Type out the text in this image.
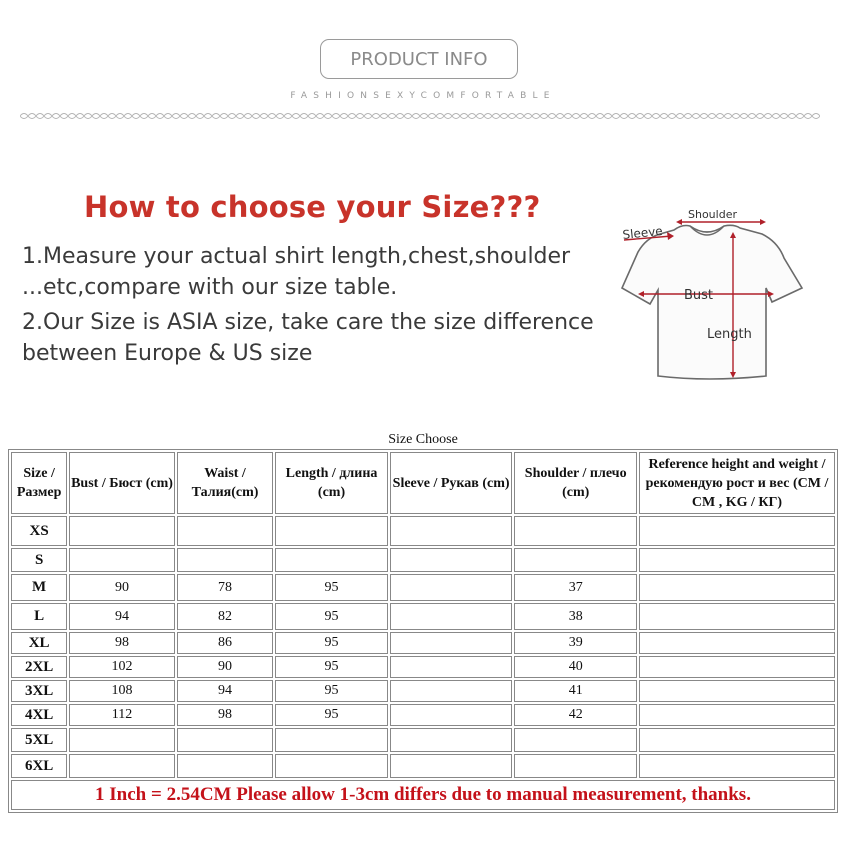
PRODUCT INFO
FASHIONSEXYCOMFORTABLE
How to choose your Size???
1.Measure your actual shirt length,chest,shoulder
...etc,compare with our size table.
2.Our Size is ASIA size, take care the size difference
between Europe & US size
Shoulder
Sleeve
Bust
Length
Size Choose
Size / Размер	Bust / Бюст (cm)	Waist / Талия(cm)	Length / длина (cm)	Sleeve / Рукав (cm)	Shoulder / плечо (cm)	Reference height and weight / рекомендую рост и вес (CM / CM , KG / КГ)
XS						
S						
M	90	78	95		37	
L	94	82	95		38	
XL	98	86	95		39	
2XL	102	90	95		40	
3XL	108	94	95		41	
4XL	112	98	95		42	
5XL						
6XL						
1 Inch = 2.54CM Please allow 1-3cm differs due to manual measurement, thanks.						
